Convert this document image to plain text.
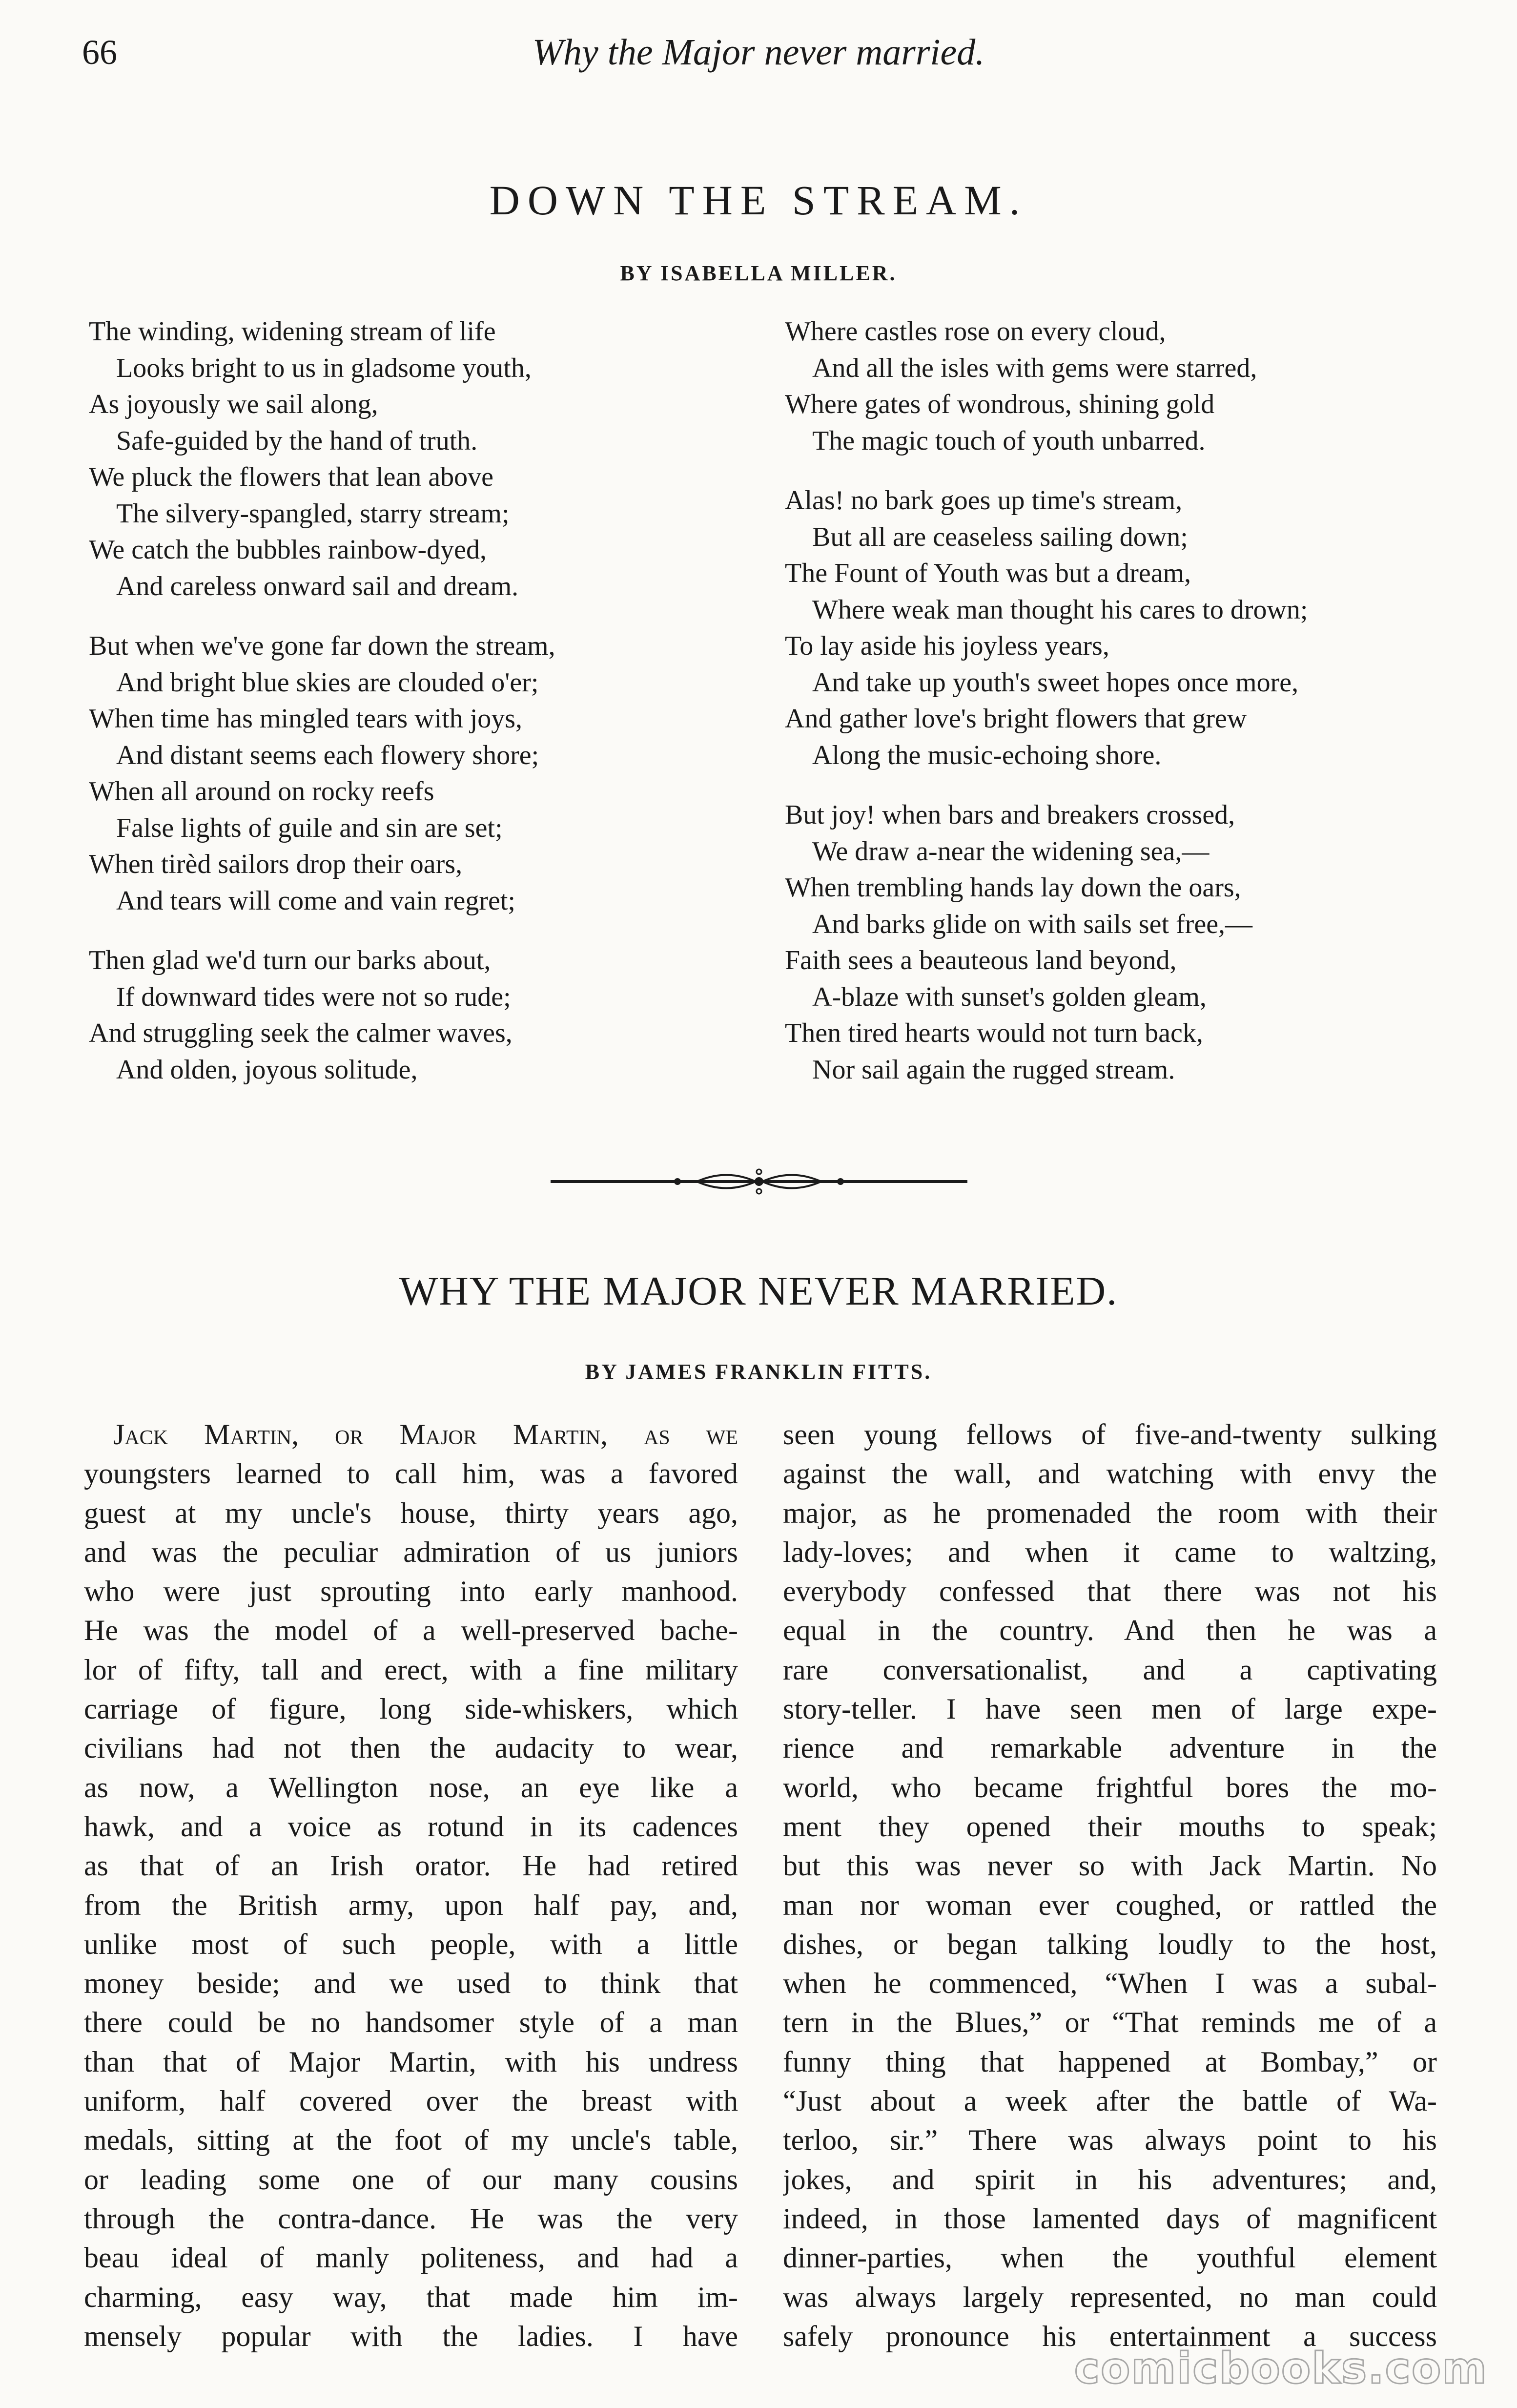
66	Why the Major never married.
DOWN THE STREAM.
BY ISABELLA MILLER.
The winding, widening stream of life
Looks bright to us in gladsome youth,
As joyously we sail along,
Safe-guided by the hand of truth.
We pluck the flowers that lean above
The silvery-spangled, starry stream;
We catch the bubbles rainbow-dyed,
And careless onward sail and dream.
But when we've gone far down the stream,
And bright blue skies are clouded o'er;
When time has mingled tears with joys,
And distant seems each flowery shore;
When all around on rocky reefs
False lights of guile and sin are set;
When tirèd sailors drop their oars,
And tears will come and vain regret;
Then glad we'd turn our barks about,
If downward tides were not so rude;
And struggling seek the calmer waves,
And olden, joyous solitude,
Where castles rose on every cloud,
And all the isles with gems were starred,
Where gates of wondrous, shining gold
The magic touch of youth unbarred.
Alas! no bark goes up time's stream,
But all are ceaseless sailing down;
The Fount of Youth was but a dream,
Where weak man thought his cares to drown;
To lay aside his joyless years,
And take up youth's sweet hopes once more,
And gather love's bright flowers that grew
Along the music-echoing shore.
But joy! when bars and breakers crossed,
We draw a-near the widening sea,—
When trembling hands lay down the oars,
And barks glide on with sails set free,—
Faith sees a beauteous land beyond,
A-blaze with sunset's golden gleam,
Then tired hearts would not turn back,
Nor sail again the rugged stream.
WHY THE MAJOR NEVER MARRIED.
BY JAMES FRANKLIN FITTS.
Jack Martin, or Major Martin, as we
youngsters learned to call him, was a favored
guest at my uncle's house, thirty years ago,
and was the peculiar admiration of us juniors
who were just sprouting into early manhood.
He was the model of a well-preserved bache-
lor of fifty, tall and erect, with a fine military
carriage of figure, long side-whiskers, which
civilians had not then the audacity to wear,
as now, a Wellington nose, an eye like a
hawk, and a voice as rotund in its cadences
as that of an Irish orator. He had retired
from the British army, upon half pay, and,
unlike most of such people, with a little
money beside; and we used to think that
there could be no handsomer style of a man
than that of Major Martin, with his undress
uniform, half covered over the breast with
medals, sitting at the foot of my uncle's table,
or leading some one of our many cousins
through the contra-dance. He was the very
beau ideal of manly politeness, and had a
charming, easy way, that made him im-
mensely popular with the ladies. I have
seen young fellows of five-and-twenty sulking
against the wall, and watching with envy the
major, as he promenaded the room with their
lady-loves; and when it came to waltzing,
everybody confessed that there was not his
equal in the country. And then he was a
rare conversationalist, and a captivating
story-teller. I have seen men of large expe-
rience and remarkable adventure in the
world, who became frightful bores the mo-
ment they opened their mouths to speak;
but this was never so with Jack Martin. No
man nor woman ever coughed, or rattled the
dishes, or began talking loudly to the host,
when he commenced, “When I was a subal-
tern in the Blues,” or “That reminds me of a
funny thing that happened at Bombay,” or
“Just about a week after the battle of Wa-
terloo, sir.” There was always point to his
jokes, and spirit in his adventures; and,
indeed, in those lamented days of magnificent
dinner-parties, when the youthful element
was always largely represented, no man could
safely pronounce his entertainment a success
comicbooks.com
